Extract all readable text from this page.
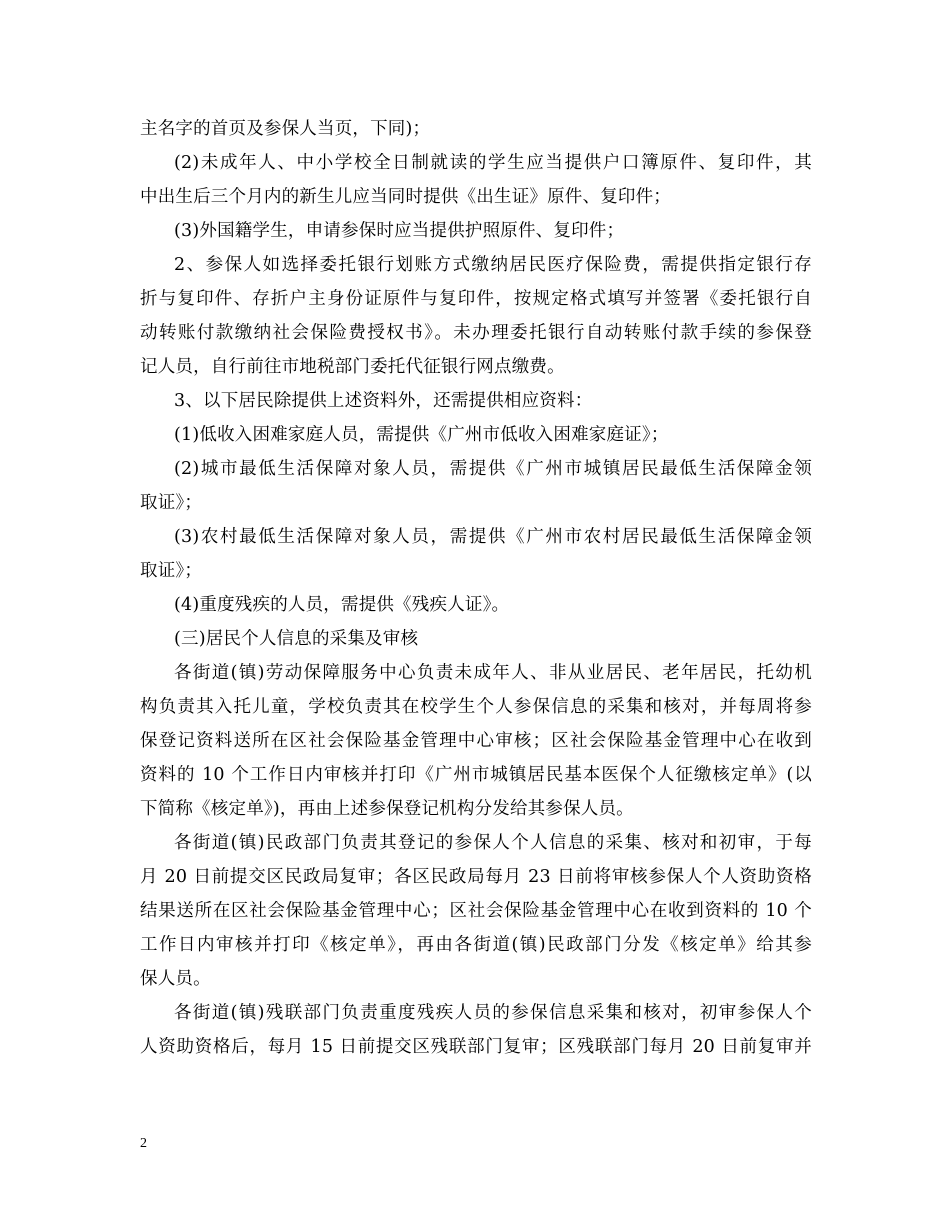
主名字的首页及参保人当页，下同)；
(2)未成年人、中小学校全日制就读的学生应当提供户口簿原件、复印件，其
中出生后三个月内的新生儿应当同时提供《出生证》原件、复印件；
(3)外国籍学生，申请参保时应当提供护照原件、复印件；
2、参保人如选择委托银行划账方式缴纳居民医疗保险费，需提供指定银行存
折与复印件、存折户主身份证原件与复印件，按规定格式填写并签署《委托银行自
动转账付款缴纳社会保险费授权书》。未办理委托银行自动转账付款手续的参保登
记人员，自行前往市地税部门委托代征银行网点缴费。
3、以下居民除提供上述资料外，还需提供相应资料：
(1)低收入困难家庭人员，需提供《广州市低收入困难家庭证》；
(2)城市最低生活保障对象人员，需提供《广州市城镇居民最低生活保障金领
取证》；
(3)农村最低生活保障对象人员，需提供《广州市农村居民最低生活保障金领
取证》；
(4)重度残疾的人员，需提供《残疾人证》。
(三)居民个人信息的采集及审核
各街道(镇)劳动保障服务中心负责未成年人、非从业居民、老年居民，托幼机
构负责其入托儿童，学校负责其在校学生个人参保信息的采集和核对，并每周将参
保登记资料送所在区社会保险基金管理中心审核；区社会保险基金管理中心在收到
资料的 10 个工作日内审核并打印《广州市城镇居民基本医保个人征缴核定单》(以
下简称《核定单》)，再由上述参保登记机构分发给其参保人员。
各街道(镇)民政部门负责其登记的参保人个人信息的采集、核对和初审，于每
月 20 日前提交区民政局复审；各区民政局每月 23 日前将审核参保人个人资助资格
结果送所在区社会保险基金管理中心；区社会保险基金管理中心在收到资料的 10 个
工作日内审核并打印《核定单》，再由各街道(镇)民政部门分发《核定单》给其参
保人员。
各街道(镇)残联部门负责重度残疾人员的参保信息采集和核对，初审参保人个
人资助资格后，每月 15 日前提交区残联部门复审；区残联部门每月 20 日前复审并
2
